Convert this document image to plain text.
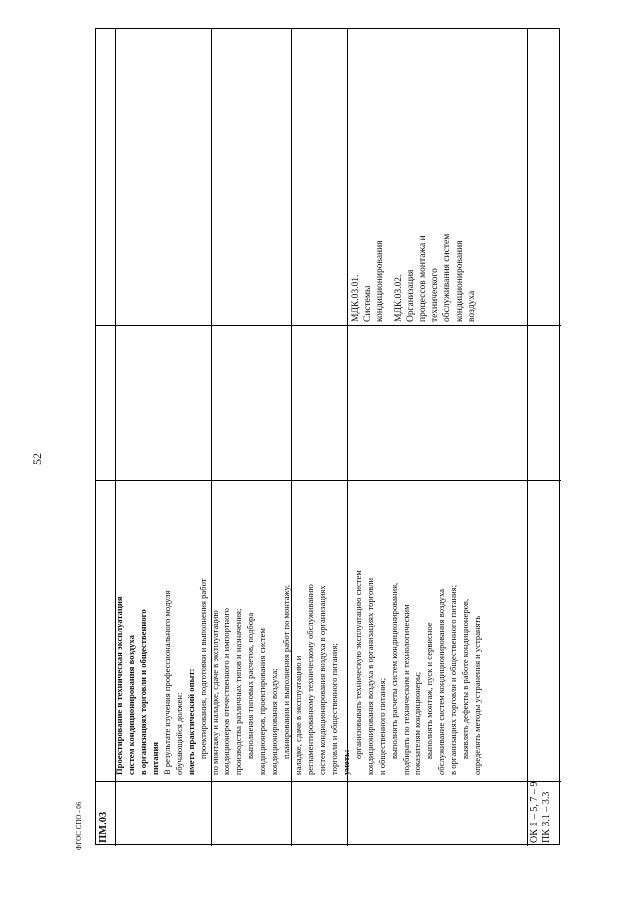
52
ФГОС СПО - 06 ПМ.03
МДК.03.01. Системы кондиционирования МДК.03.02. Организация процессов монтажа и технического обслуживания систем кондиционирования воздуха
ОК 1 – 5, 7 – 9 ПК 3.1 – 3.3
Проектирование и техническая эксплуатация систем кондиционирования воздуха в организациях торговли и общественного питания В результате изучения профессионального модуля обучающийся должен: иметь практический опыт: проектирования, подготовки и выполнения работ по монтажу и наладке, сдаче в эксплуатацию кондиционеров отечественного и импортного производства различных типов и назначения; выполнения типовых расчетов, подбора кондиционеров, проектирования систем кондиционирования воздуха; планирования и выполнения работ по монтажу, наладке, сдаче в эксплуатацию и регламентированному техническому обслуживанию систем кондиционирования воздуха в организациях торговли и общественного питания; уметь:
организовывать техническую эксплуатацию систем кондиционирования воздуха в организациях торговли и общественного питания; выполнять расчеты систем кондиционирования, подбирать по техническим и технологическим показателям кондиционеры; выполнять монтаж, пуск и сервисное обслуживание систем кондиционирования воздуха в организациях торговли и общественного питания; выявлять дефекты в работе кондиционеров, определять методы устранения и устранять
